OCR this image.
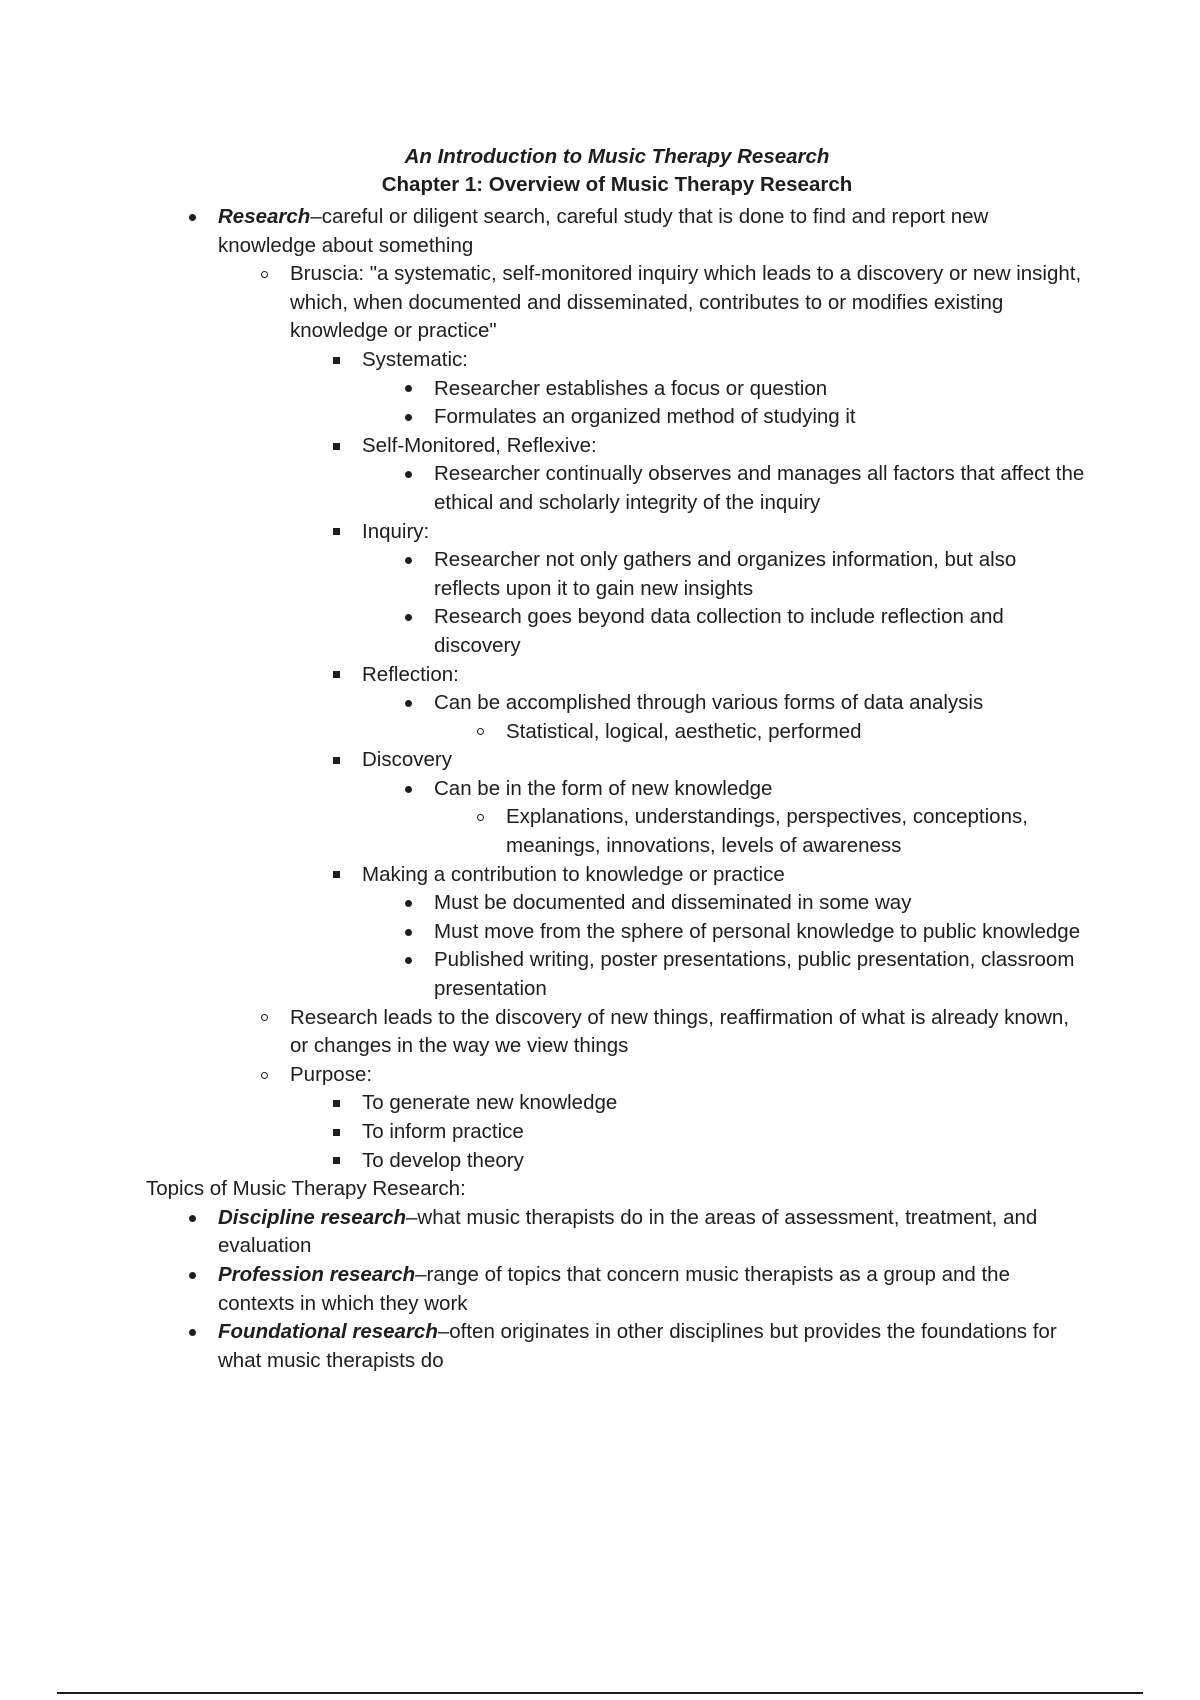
An Introduction to Music Therapy Research
Chapter 1: Overview of Music Therapy Research
Research–careful or diligent search, careful study that is done to find and report new knowledge about something
Bruscia: "a systematic, self-monitored inquiry which leads to a discovery or new insight, which, when documented and disseminated, contributes to or modifies existing knowledge or practice"
Systematic:
Researcher establishes a focus or question
Formulates an organized method of studying it
Self-Monitored, Reflexive:
Researcher continually observes and manages all factors that affect the ethical and scholarly integrity of the inquiry
Inquiry:
Researcher not only gathers and organizes information, but also reflects upon it to gain new insights
Research goes beyond data collection to include reflection and discovery
Reflection:
Can be accomplished through various forms of data analysis
Statistical, logical, aesthetic, performed
Discovery
Can be in the form of new knowledge
Explanations, understandings, perspectives, conceptions, meanings, innovations, levels of awareness
Making a contribution to knowledge or practice
Must be documented and disseminated in some way
Must move from the sphere of personal knowledge to public knowledge
Published writing, poster presentations, public presentation, classroom presentation
Research leads to the discovery of new things, reaffirmation of what is already known, or changes in the way we view things
Purpose:
To generate new knowledge
To inform practice
To develop theory

Topics of Music Therapy Research:

Discipline research–what music therapists do in the areas of assessment, treatment, and evaluation
Profession research–range of topics that concern music therapists as a group and the contexts in which they work
Foundational research–often originates in other disciplines but provides the foundations for what music therapists do
